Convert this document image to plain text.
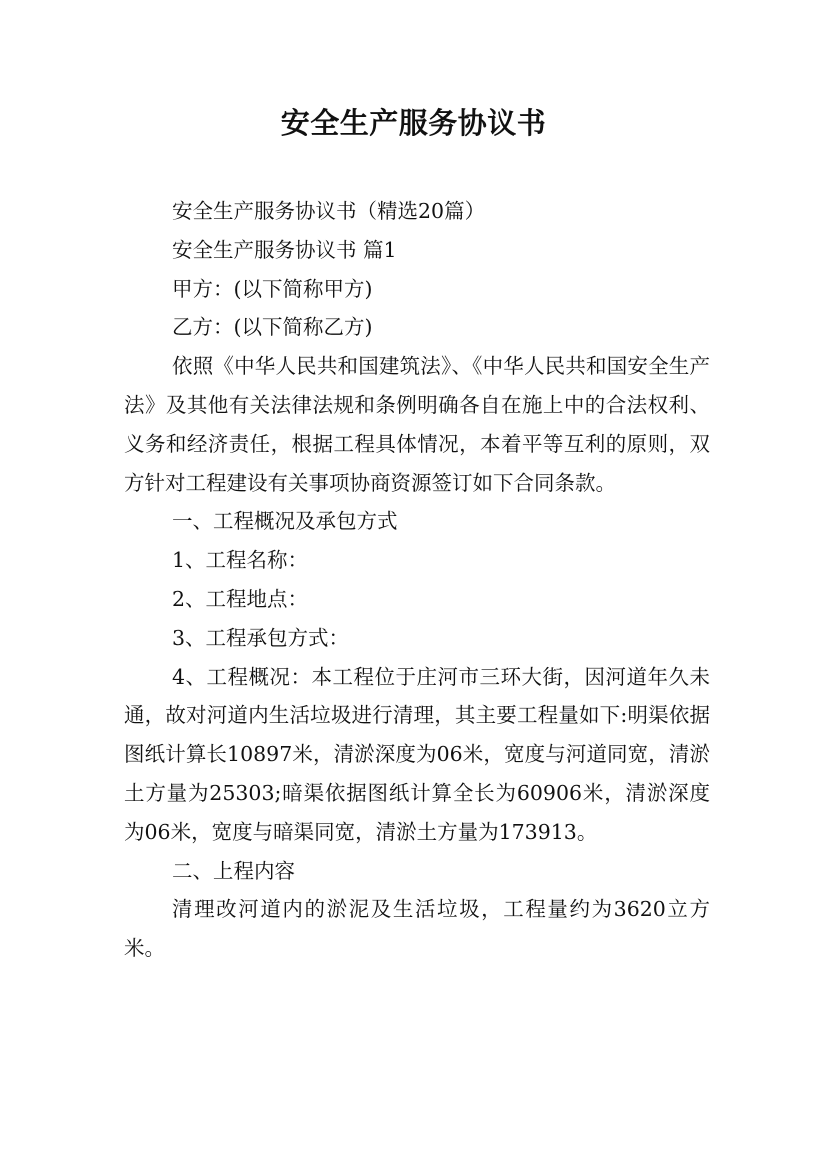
安全生产服务协议书

安全生产服务协议书（精选20篇）

安全生产服务协议书 篇1

甲方：(以下简称甲方)

乙方：(以下简称乙方)

依照《中华人民共和国建筑法》、《中华人民共和国安全生产法》及其他有关法律法规和条例明确各自在施上中的合法权利、义务和经济责任，根据工程具体情况，本着平等互利的原则，双方针对工程建设有关事项协商资源签订如下合同条款。

一、工程概况及承包方式

1、工程名称：

2、工程地点：

3、工程承包方式：

4、工程概况：本工程位于庄河市三环大街，因河道年久未通，故对河道内生活垃圾进行清理，其主要工程量如下:明渠依据图纸计算长10897米，清淤深度为06米，宽度与河道同宽，清淤土方量为25303;暗渠依据图纸计算全长为60906米，清淤深度为06米，宽度与暗渠同宽，清淤土方量为173913。

二、上程内容

清理改河道内的淤泥及生活垃圾，工程量约为3620立方米。
